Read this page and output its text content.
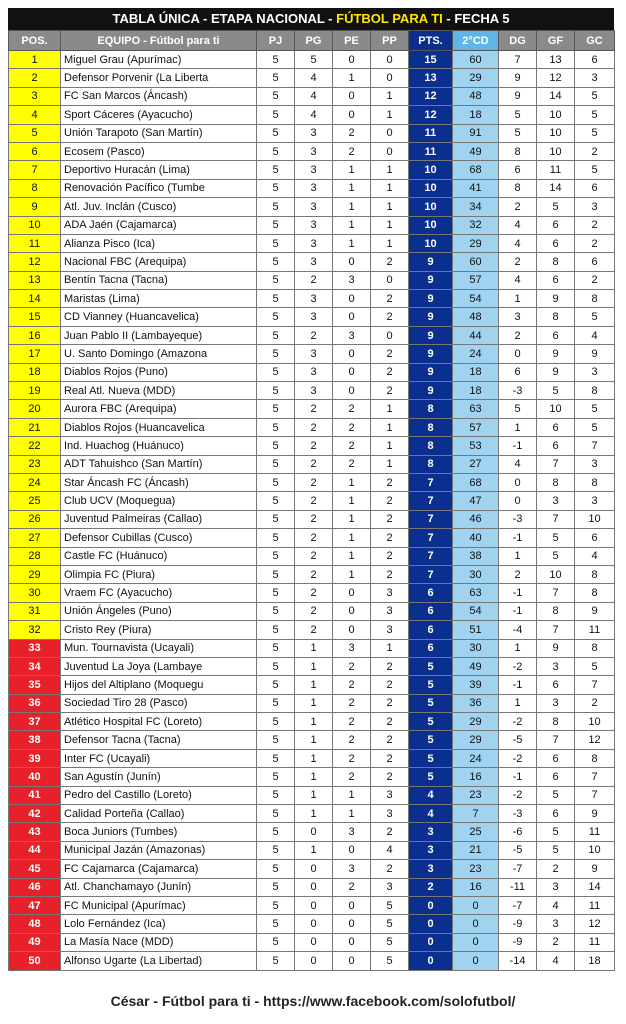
TABLA ÚNICA - ETAPA NACIONAL - FÚTBOL PARA TI - FECHA 5
POS.	EQUIPO - Fútbol para ti	PJ	PG	PE	PP	PTS.	2°CD	DG	GF	GC
1	Miguel Grau (Apurímac)	5	5	0	0	15	60	7	13	6
2	Defensor Porvenir (La Liberta	5	4	1	0	13	29	9	12	3
3	FC San Marcos (Áncash)	5	4	0	1	12	48	9	14	5
4	Sport Cáceres (Ayacucho)	5	4	0	1	12	18	5	10	5
5	Unión Tarapoto (San Martín)	5	3	2	0	11	91	5	10	5
6	Ecosem (Pasco)	5	3	2	0	11	49	8	10	2
7	Deportivo Huracán (Lima)	5	3	1	1	10	68	6	11	5
8	Renovación Pacífico (Tumbe	5	3	1	1	10	41	8	14	6
9	Atl. Juv. Inclán (Cusco)	5	3	1	1	10	34	2	5	3
10	ADA Jaén (Cajamarca)	5	3	1	1	10	32	4	6	2
11	Alianza Pisco (Ica)	5	3	1	1	10	29	4	6	2
12	Nacional FBC (Arequipa)	5	3	0	2	9	60	2	8	6
13	Bentín Tacna (Tacna)	5	2	3	0	9	57	4	6	2
14	Maristas (Lima)	5	3	0	2	9	54	1	9	8
15	CD Vianney (Huancavelica)	5	3	0	2	9	48	3	8	5
16	Juan Pablo II (Lambayeque)	5	2	3	0	9	44	2	6	4
17	U. Santo Domingo (Amazona	5	3	0	2	9	24	0	9	9
18	Diablos Rojos (Puno)	5	3	0	2	9	18	6	9	3
19	Real Atl. Nueva (MDD)	5	3	0	2	9	18	-3	5	8
20	Aurora FBC (Arequipa)	5	2	2	1	8	63	5	10	5
21	Diablos Rojos (Huancavelica	5	2	2	1	8	57	1	6	5
22	Ind. Huachog (Huánuco)	5	2	2	1	8	53	-1	6	7
23	ADT Tahuishco (San Martín)	5	2	2	1	8	27	4	7	3
24	Star Áncash FC (Áncash)	5	2	1	2	7	68	0	8	8
25	Club UCV (Moquegua)	5	2	1	2	7	47	0	3	3
26	Juventud Palmeiras (Callao)	5	2	1	2	7	46	-3	7	10
27	Defensor Cubillas (Cusco)	5	2	1	2	7	40	-1	5	6
28	Castle FC (Huánuco)	5	2	1	2	7	38	1	5	4
29	Olimpia FC (Piura)	5	2	1	2	7	30	2	10	8
30	Vraem FC (Ayacucho)	5	2	0	3	6	63	-1	7	8
31	Unión Ángeles (Puno)	5	2	0	3	6	54	-1	8	9
32	Cristo Rey (Piura)	5	2	0	3	6	51	-4	7	11
33	Mun. Tournavista (Ucayali)	5	1	3	1	6	30	1	9	8
34	Juventud La Joya (Lambaye	5	1	2	2	5	49	-2	3	5
35	Hijos del Altiplano (Moquegu	5	1	2	2	5	39	-1	6	7
36	Sociedad Tiro 28 (Pasco)	5	1	2	2	5	36	1	3	2
37	Atlético Hospital FC (Loreto)	5	1	2	2	5	29	-2	8	10
38	Defensor Tacna (Tacna)	5	1	2	2	5	29	-5	7	12
39	Inter FC (Ucayali)	5	1	2	2	5	24	-2	6	8
40	San Agustín (Junín)	5	1	2	2	5	16	-1	6	7
41	Pedro del Castillo (Loreto)	5	1	1	3	4	23	-2	5	7
42	Calidad Porteña (Callao)	5	1	1	3	4	7	-3	6	9
43	Boca Juniors (Tumbes)	5	0	3	2	3	25	-6	5	11
44	Municipal Jazán (Amazonas)	5	1	0	4	3	21	-5	5	10
45	FC Cajamarca (Cajamarca)	5	0	3	2	3	23	-7	2	9
46	Atl. Chanchamayo (Junín)	5	0	2	3	2	16	-11	3	14
47	FC Municipal (Apurímac)	5	0	0	5	0	0	-7	4	11
48	Lolo Fernández (Ica)	5	0	0	5	0	0	-9	3	12
49	La Masía Nace (MDD)	5	0	0	5	0	0	-9	2	11
50	Alfonso Ugarte (La Libertad)	5	0	0	5	0	0	-14	4	18
César - Fútbol para ti - https://www.facebook.com/solofutbol/
